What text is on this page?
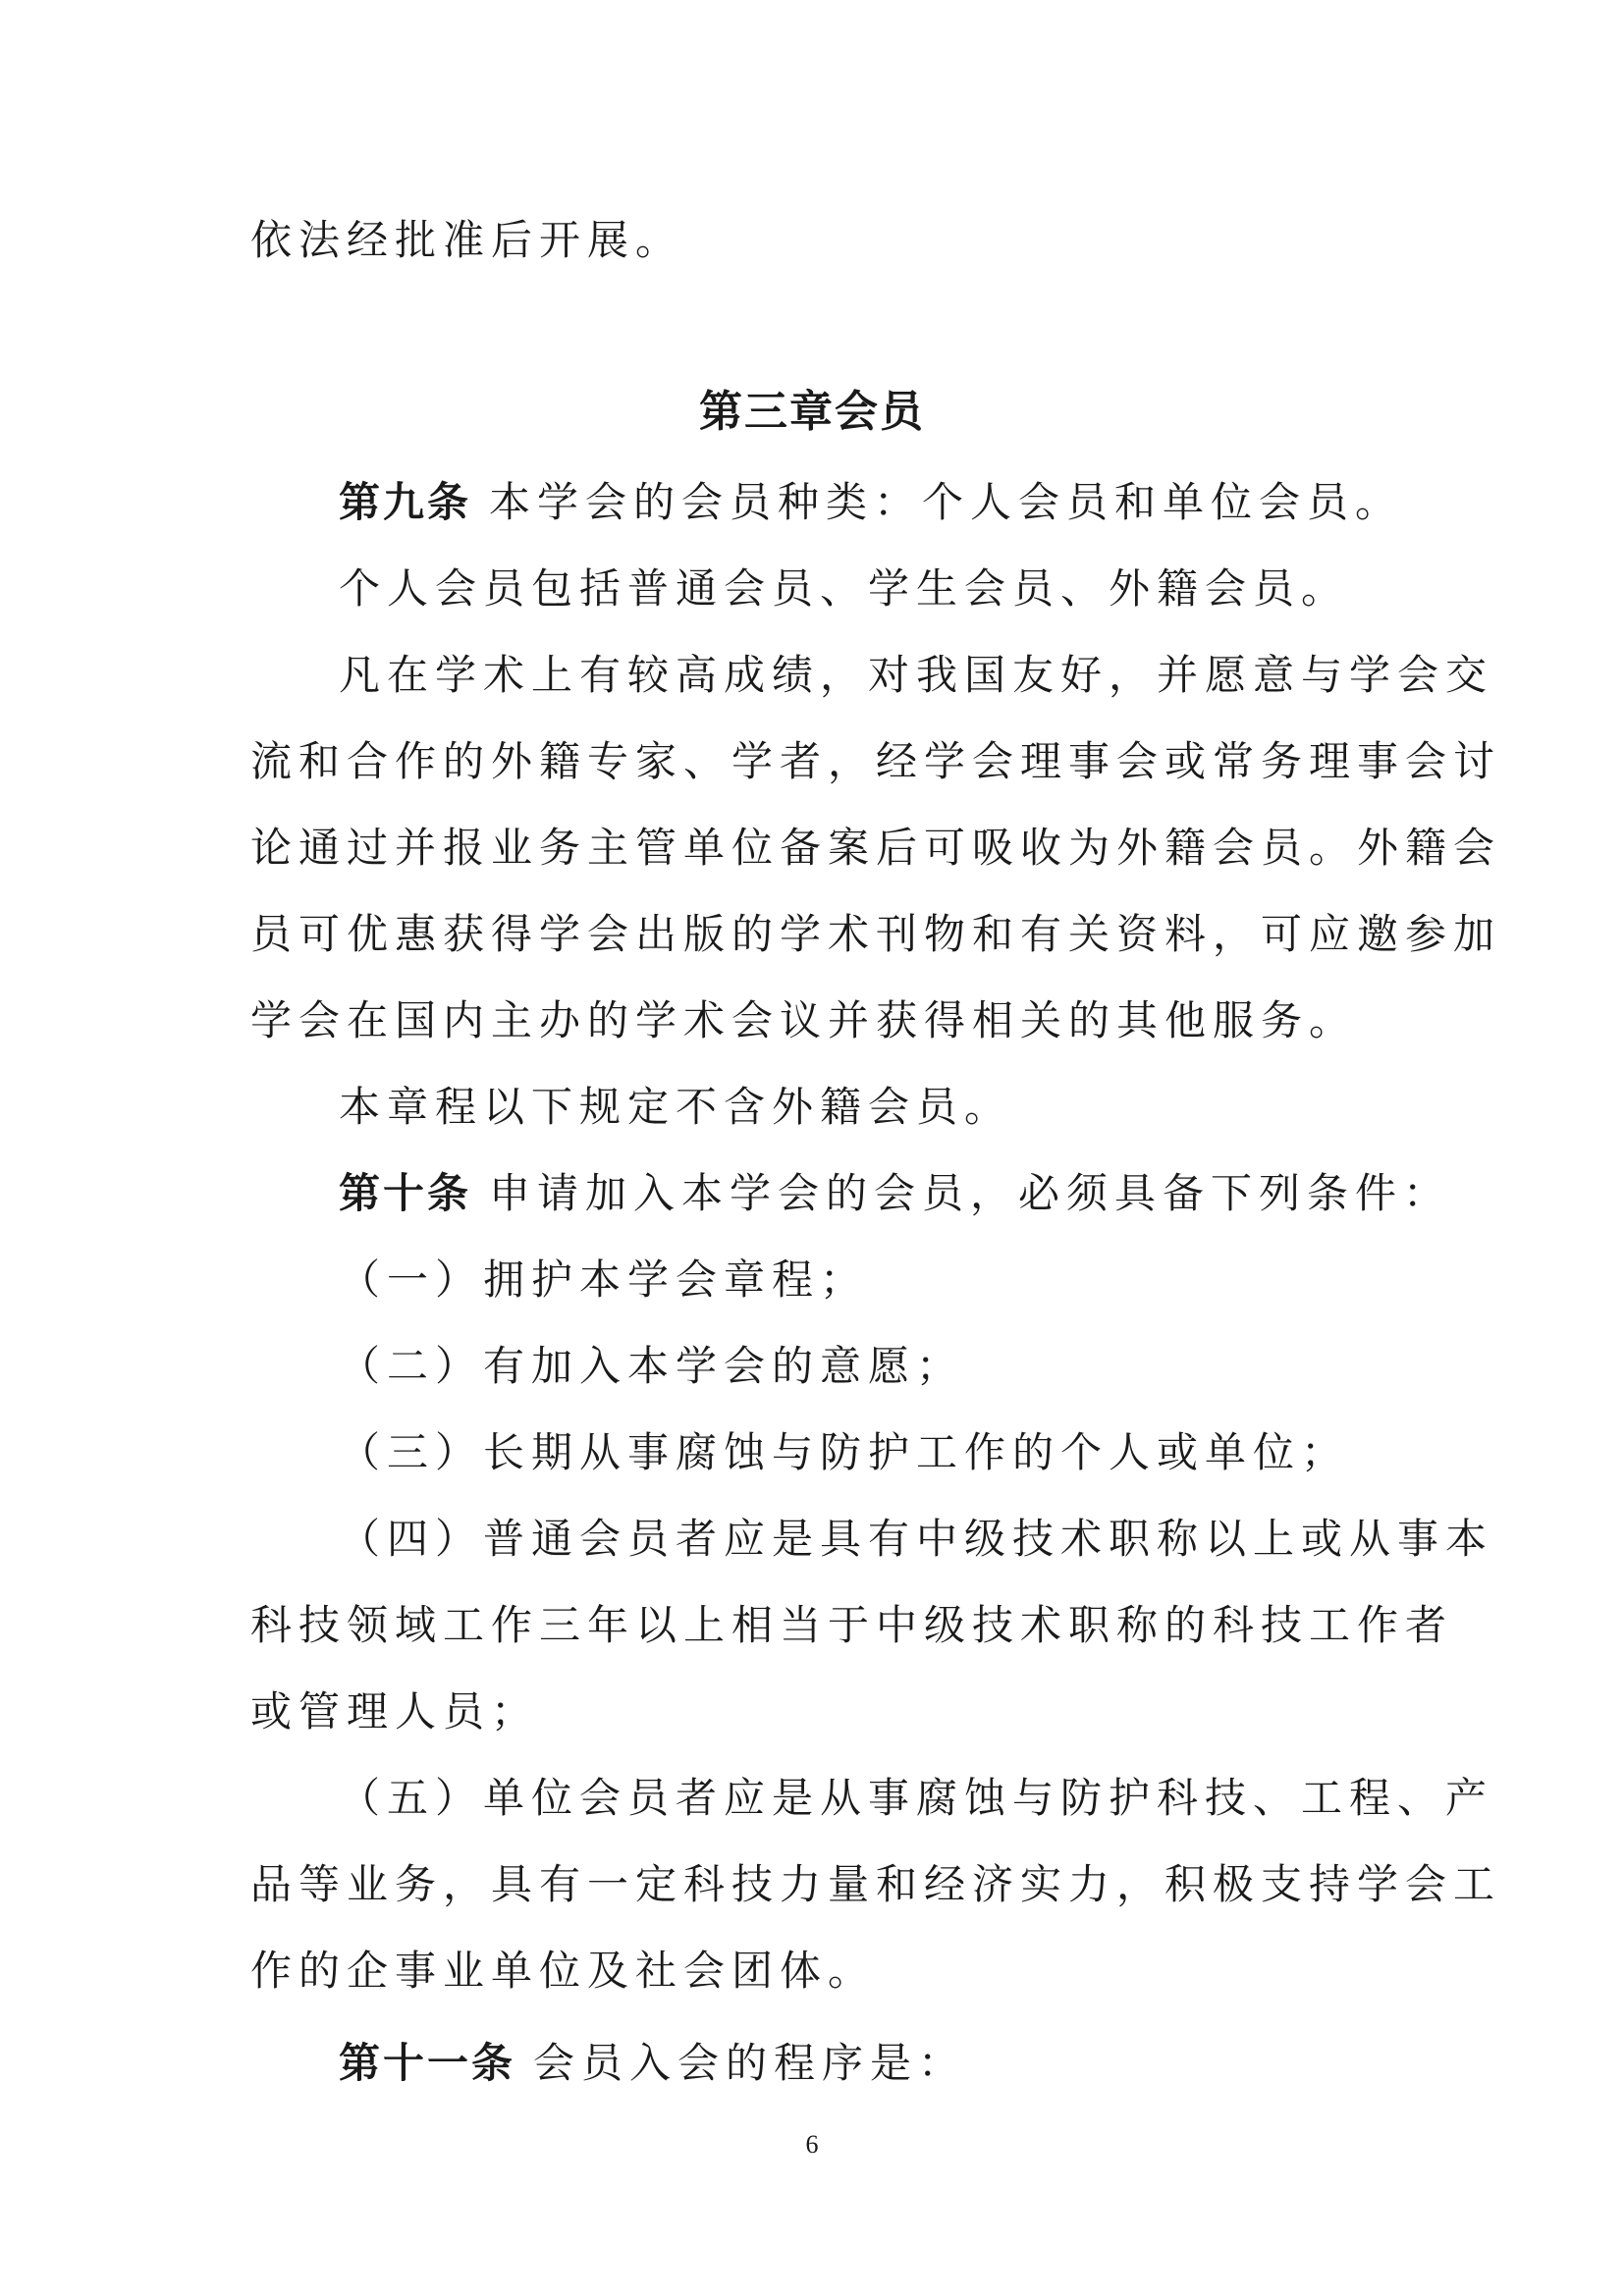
依法经批准后开展。
第三章会员
第九条 本学会的会员种类：个人会员和单位会员。
个人会员包括普通会员、学生会员、外籍会员。
凡在学术上有较高成绩，对我国友好，并愿意与学会交
流和合作的外籍专家、学者，经学会理事会或常务理事会讨
论通过并报业务主管单位备案后可吸收为外籍会员。外籍会
员可优惠获得学会出版的学术刊物和有关资料，可应邀参加
学会在国内主办的学术会议并获得相关的其他服务。
本章程以下规定不含外籍会员。
第十条 申请加入本学会的会员，必须具备下列条件：
（一）拥护本学会章程；
（二）有加入本学会的意愿；
（三）长期从事腐蚀与防护工作的个人或单位；
（四）普通会员者应是具有中级技术职称以上或从事本
科技领域工作三年以上相当于中级技术职称的科技工作者
或管理人员；
（五）单位会员者应是从事腐蚀与防护科技、工程、产
品等业务，具有一定科技力量和经济实力，积极支持学会工
作的企事业单位及社会团体。
第十一条 会员入会的程序是：
6
